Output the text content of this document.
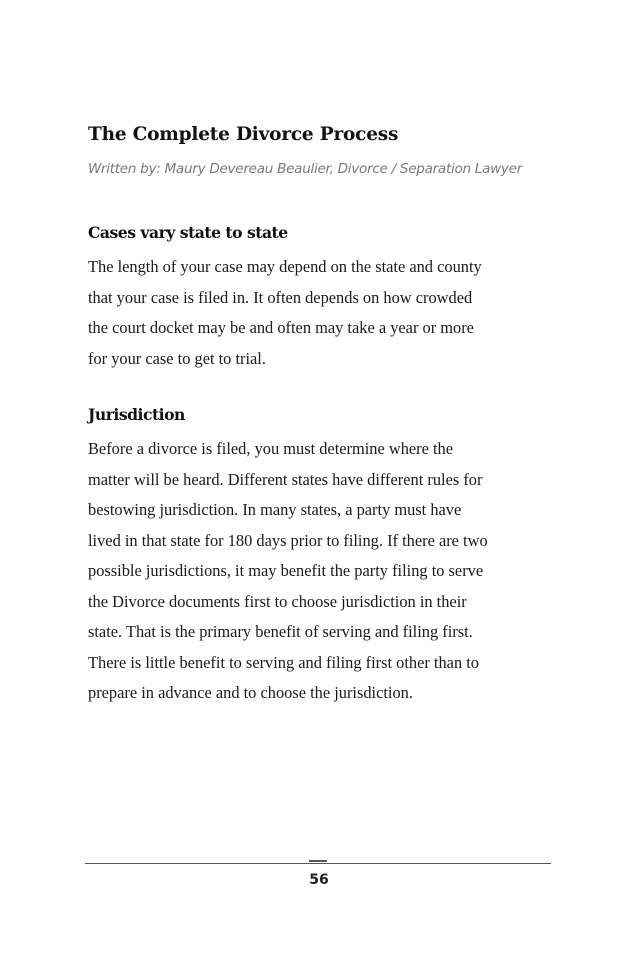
The Complete Divorce Process

Written by: Maury Devereau Beaulier, Divorce / Separation Lawyer

Cases vary state to state
The length of your case may depend on the state and county
that your case is filed in. It often depends on how crowded
the court docket may be and often may take a year or more
for your case to get to trial.
Jurisdiction
Before a divorce is filed, you must determine where the
matter will be heard. Different states have different rules for
bestowing jurisdiction. In many states, a party must have
lived in that state for 180 days prior to filing. If there are two
possible jurisdictions, it may benefit the party filing to serve
the Divorce documents first to choose jurisdiction in their
state. That is the primary benefit of serving and filing first.
There is little benefit to serving and filing first other than to
prepare in advance and to choose the jurisdiction.

56
